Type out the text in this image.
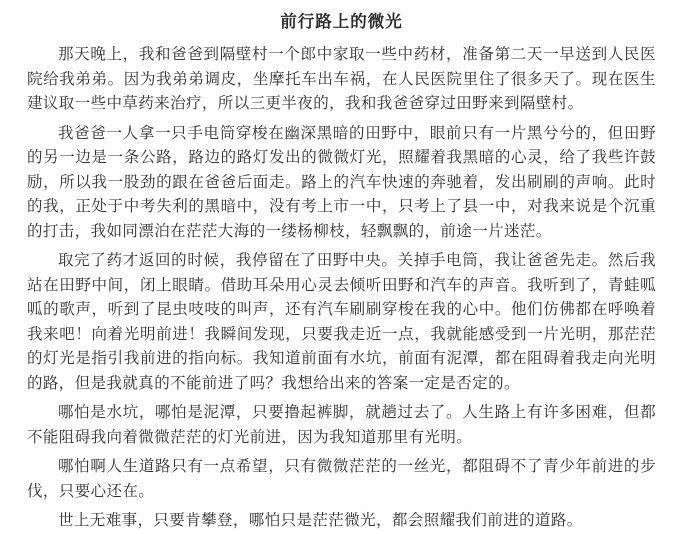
前行路上的微光

那天晚上，我和爸爸到隔壁村一个郎中家取一些中药材，准备第二天一早送到人民医院给我弟弟。因为我弟弟调皮，坐摩托车出车祸，在人民医院里住了很多天了。现在医生建议取一些中草药来治疗，所以三更半夜的，我和我爸爸穿过田野来到隔壁村。

我爸爸一人拿一只手电筒穿梭在幽深黑暗的田野中，眼前只有一片黑兮兮的，但田野的另一边是一条公路，路边的路灯发出的微微灯光，照耀着我黑暗的心灵，给了我些许鼓励，所以我一股劲的跟在爸爸后面走。路上的汽车快速的奔驰着，发出刷刷的声响。此时的我，正处于中考失利的黑暗中，没有考上市一中，只考上了县一中，对我来说是个沉重的打击，我如同漂泊在茫茫大海的一缕杨柳枝，轻飘飘的，前途一片迷茫。

取完了药才返回的时候，我停留在了田野中央。关掉手电筒，我让爸爸先走。然后我站在田野中间，闭上眼睛。借助耳朵用心灵去倾听田野和汽车的声音。我听到了，青蛙呱呱的歌声，听到了昆虫吱吱的叫声，还有汽车刷刷穿梭在我的心中。他们仿佛都在呼唤着我来吧！向着光明前进！我瞬间发现，只要我走近一点，我就能感受到一片光明，那茫茫的灯光是指引我前进的指向标。我知道前面有水坑，前面有泥潭，都在阻碍着我走向光明的路，但是我就真的不能前进了吗？我想给出来的答案一定是否定的。

哪怕是水坑，哪怕是泥潭，只要撸起裤脚，就趟过去了。人生路上有许多困难，但都不能阻碍我向着微微茫茫的灯光前进，因为我知道那里有光明。

哪怕啊人生道路只有一点希望，只有微微茫茫的一丝光，都阻碍不了青少年前进的步伐，只要心还在。

世上无难事，只要肯攀登，哪怕只是茫茫微光，都会照耀我们前进的道路。
